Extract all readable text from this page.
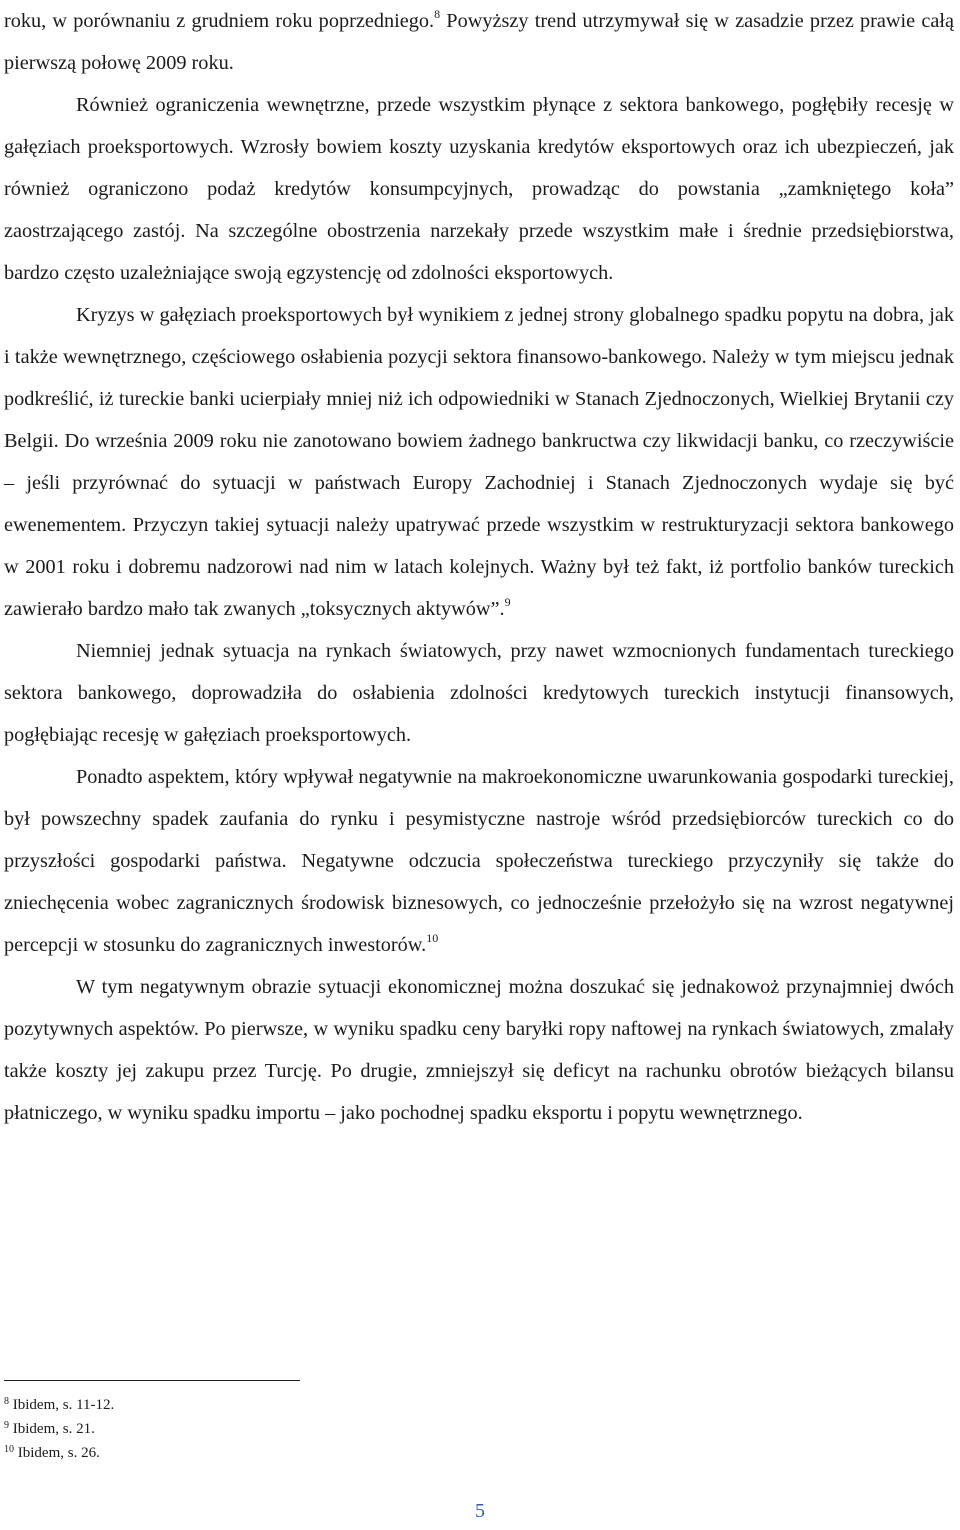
roku, w porównaniu z grudniem roku poprzedniego.$^8$ Powyższy trend utrzymywał się w zasadzie przez prawie całą pierwszą połowę 2009 roku.

Również ograniczenia wewnętrzne, przede wszystkim płynące z sektora bankowego, pogłębiły recesję w gałęziach proeksportowych. Wzrosły bowiem koszty uzyskania kredytów eksportowych oraz ich ubezpieczeń, jak również ograniczono podaż kredytów konsumpcyjnych, prowadząc do powstania „zamkniętego koła” zaostrzającego zastój. Na szczególne obostrzenia narzekały przede wszystkim małe i średnie przedsiębiorstwa, bardzo często uzależniające swoją egzystencję od zdolności eksportowych.

Kryzys w gałęziach proeksportowych był wynikiem z jednej strony globalnego spadku popytu na dobra, jak i także wewnętrznego, częściowego osłabienia pozycji sektora finansowo-bankowego. Należy w tym miejscu jednak podkreślić, iż tureckie banki ucierpiały mniej niż ich odpowiedniki w Stanach Zjednoczonych, Wielkiej Brytanii czy Belgii. Do września 2009 roku nie zanotowano bowiem żadnego bankructwa czy likwidacji banku, co rzeczywiście – jeśli przyrównać do sytuacji w państwach Europy Zachodniej i Stanach Zjednoczonych wydaje się być ewenementem. Przyczyn takiej sytuacji należy upatrywać przede wszystkim w restrukturyzacji sektora bankowego w 2001 roku i dobremu nadzorowi nad nim w latach kolejnych. Ważny był też fakt, iż portfolio banków tureckich zawierało bardzo mało tak zwanych „toksycznych aktywów”.$^9$

Niemniej jednak sytuacja na rynkach światowych, przy nawet wzmocnionych fundamentach tureckiego sektora bankowego, doprowadziła do osłabienia zdolności kredytowych tureckich instytucji finansowych, pogłębiając recesję w gałęziach proeksportowych.

Ponadto aspektem, który wpływał negatywnie na makroekonomiczne uwarunkowania gospodarki tureckiej, był powszechny spadek zaufania do rynku i pesymistyczne nastroje wśród przedsiębiorców tureckich co do przyszłości gospodarki państwa. Negatywne odczucia społeczeństwa tureckiego przyczyniły się także do zniechęcenia wobec zagranicznych środowisk biznesowych, co jednocześnie przełożyło się na wzrost negatywnej percepcji w stosunku do zagranicznych inwestorów.$^{10}$

W tym negatywnym obrazie sytuacji ekonomicznej można doszukać się jednakowoż przynajmniej dwóch pozytywnych aspektów. Po pierwsze, w wyniku spadku ceny baryłki ropy naftowej na rynkach światowych, zmalały także koszty jej zakupu przez Turcję. Po drugie, zmniejszył się deficyt na rachunku obrotów bieżących bilansu płatniczego, w wyniku spadku importu – jako pochodnej spadku eksportu i popytu wewnętrznego.

$^8$ Ibidem, s. 11-12.

$^9$ Ibidem, s. 21.

$^{10}$ Ibidem, s. 26.

5
